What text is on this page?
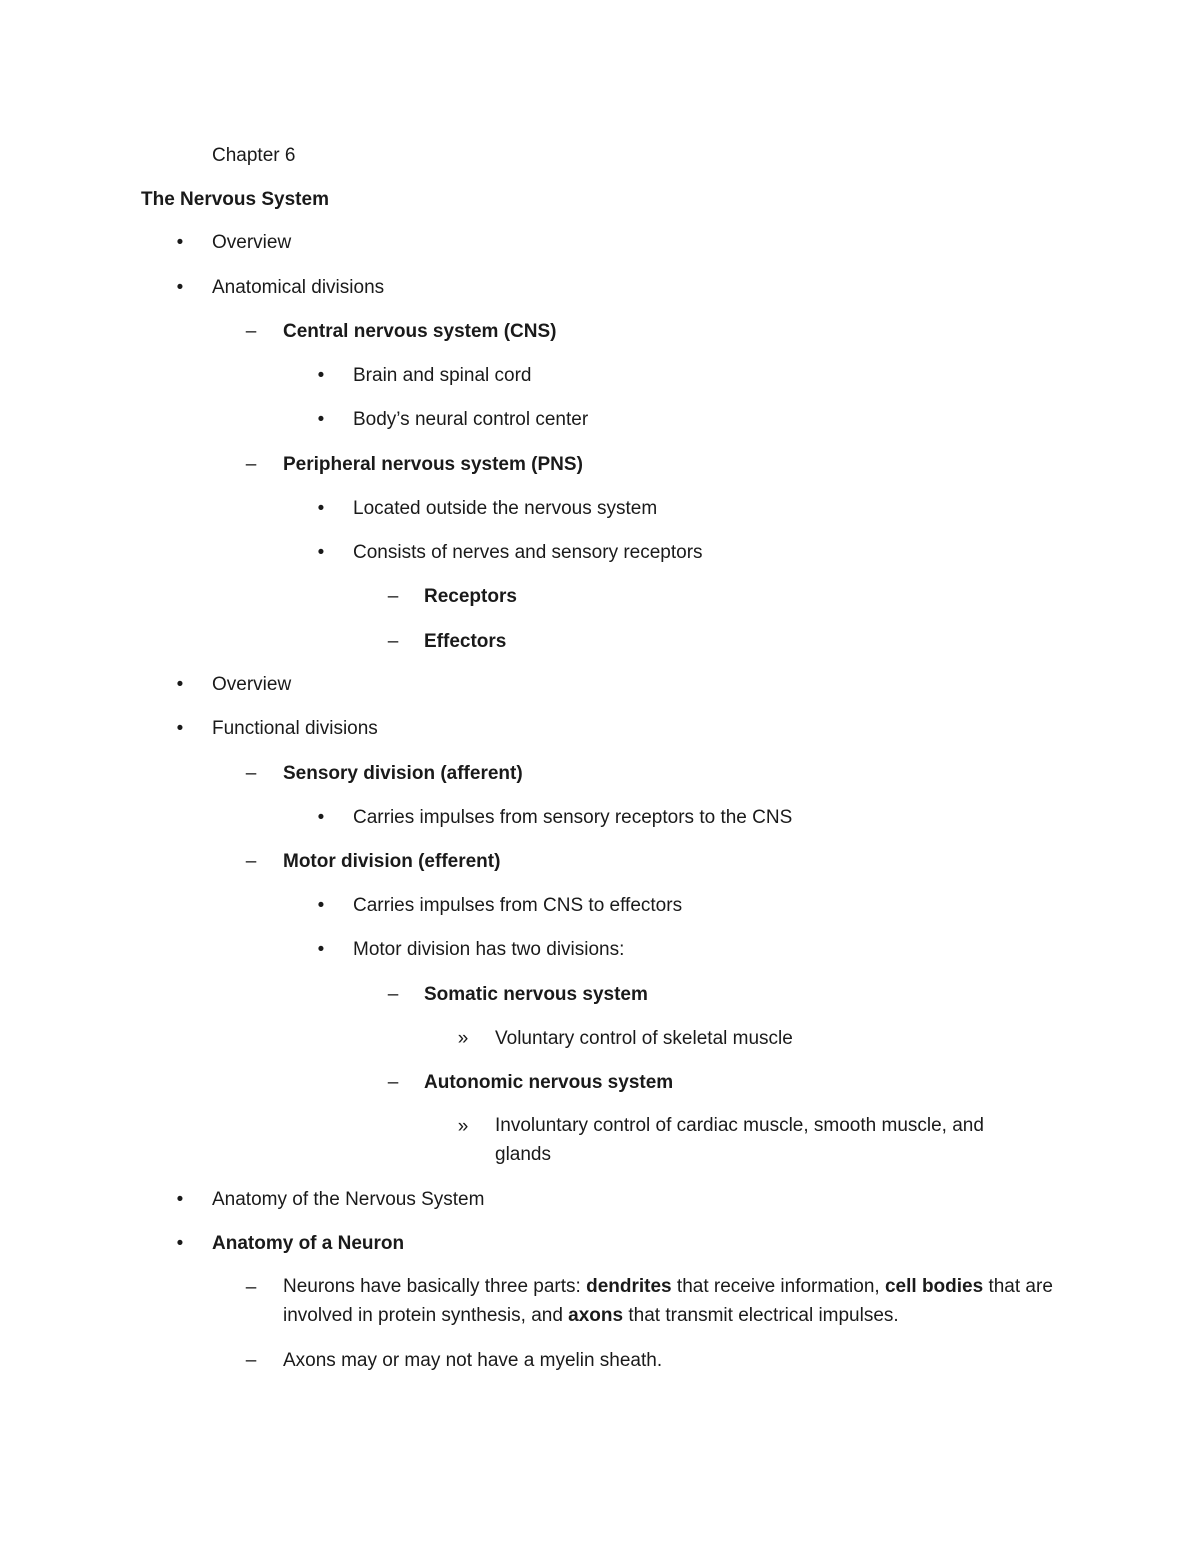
Chapter 6
The Nervous System
• Overview
• Anatomical divisions
– Central nervous system (CNS)
• Brain and spinal cord
• Body’s neural control center
– Peripheral nervous system (PNS)
• Located outside the nervous system
• Consists of nerves and sensory receptors
– Receptors
– Effectors
• Overview
• Functional divisions
– Sensory division (afferent)
• Carries impulses from sensory receptors to the CNS
– Motor division (efferent)
• Carries impulses from CNS to effectors
• Motor division has two divisions:
– Somatic nervous system
» Voluntary control of skeletal muscle
– Autonomic nervous system
» Involuntary control of cardiac muscle, smooth muscle, and glands
• Anatomy of the Nervous System
• Anatomy of a Neuron
– Neurons have basically three parts: dendrites that receive information, cell bodies that are involved in protein synthesis, and axons that transmit electrical impulses.
– Axons may or may not have a myelin sheath.
